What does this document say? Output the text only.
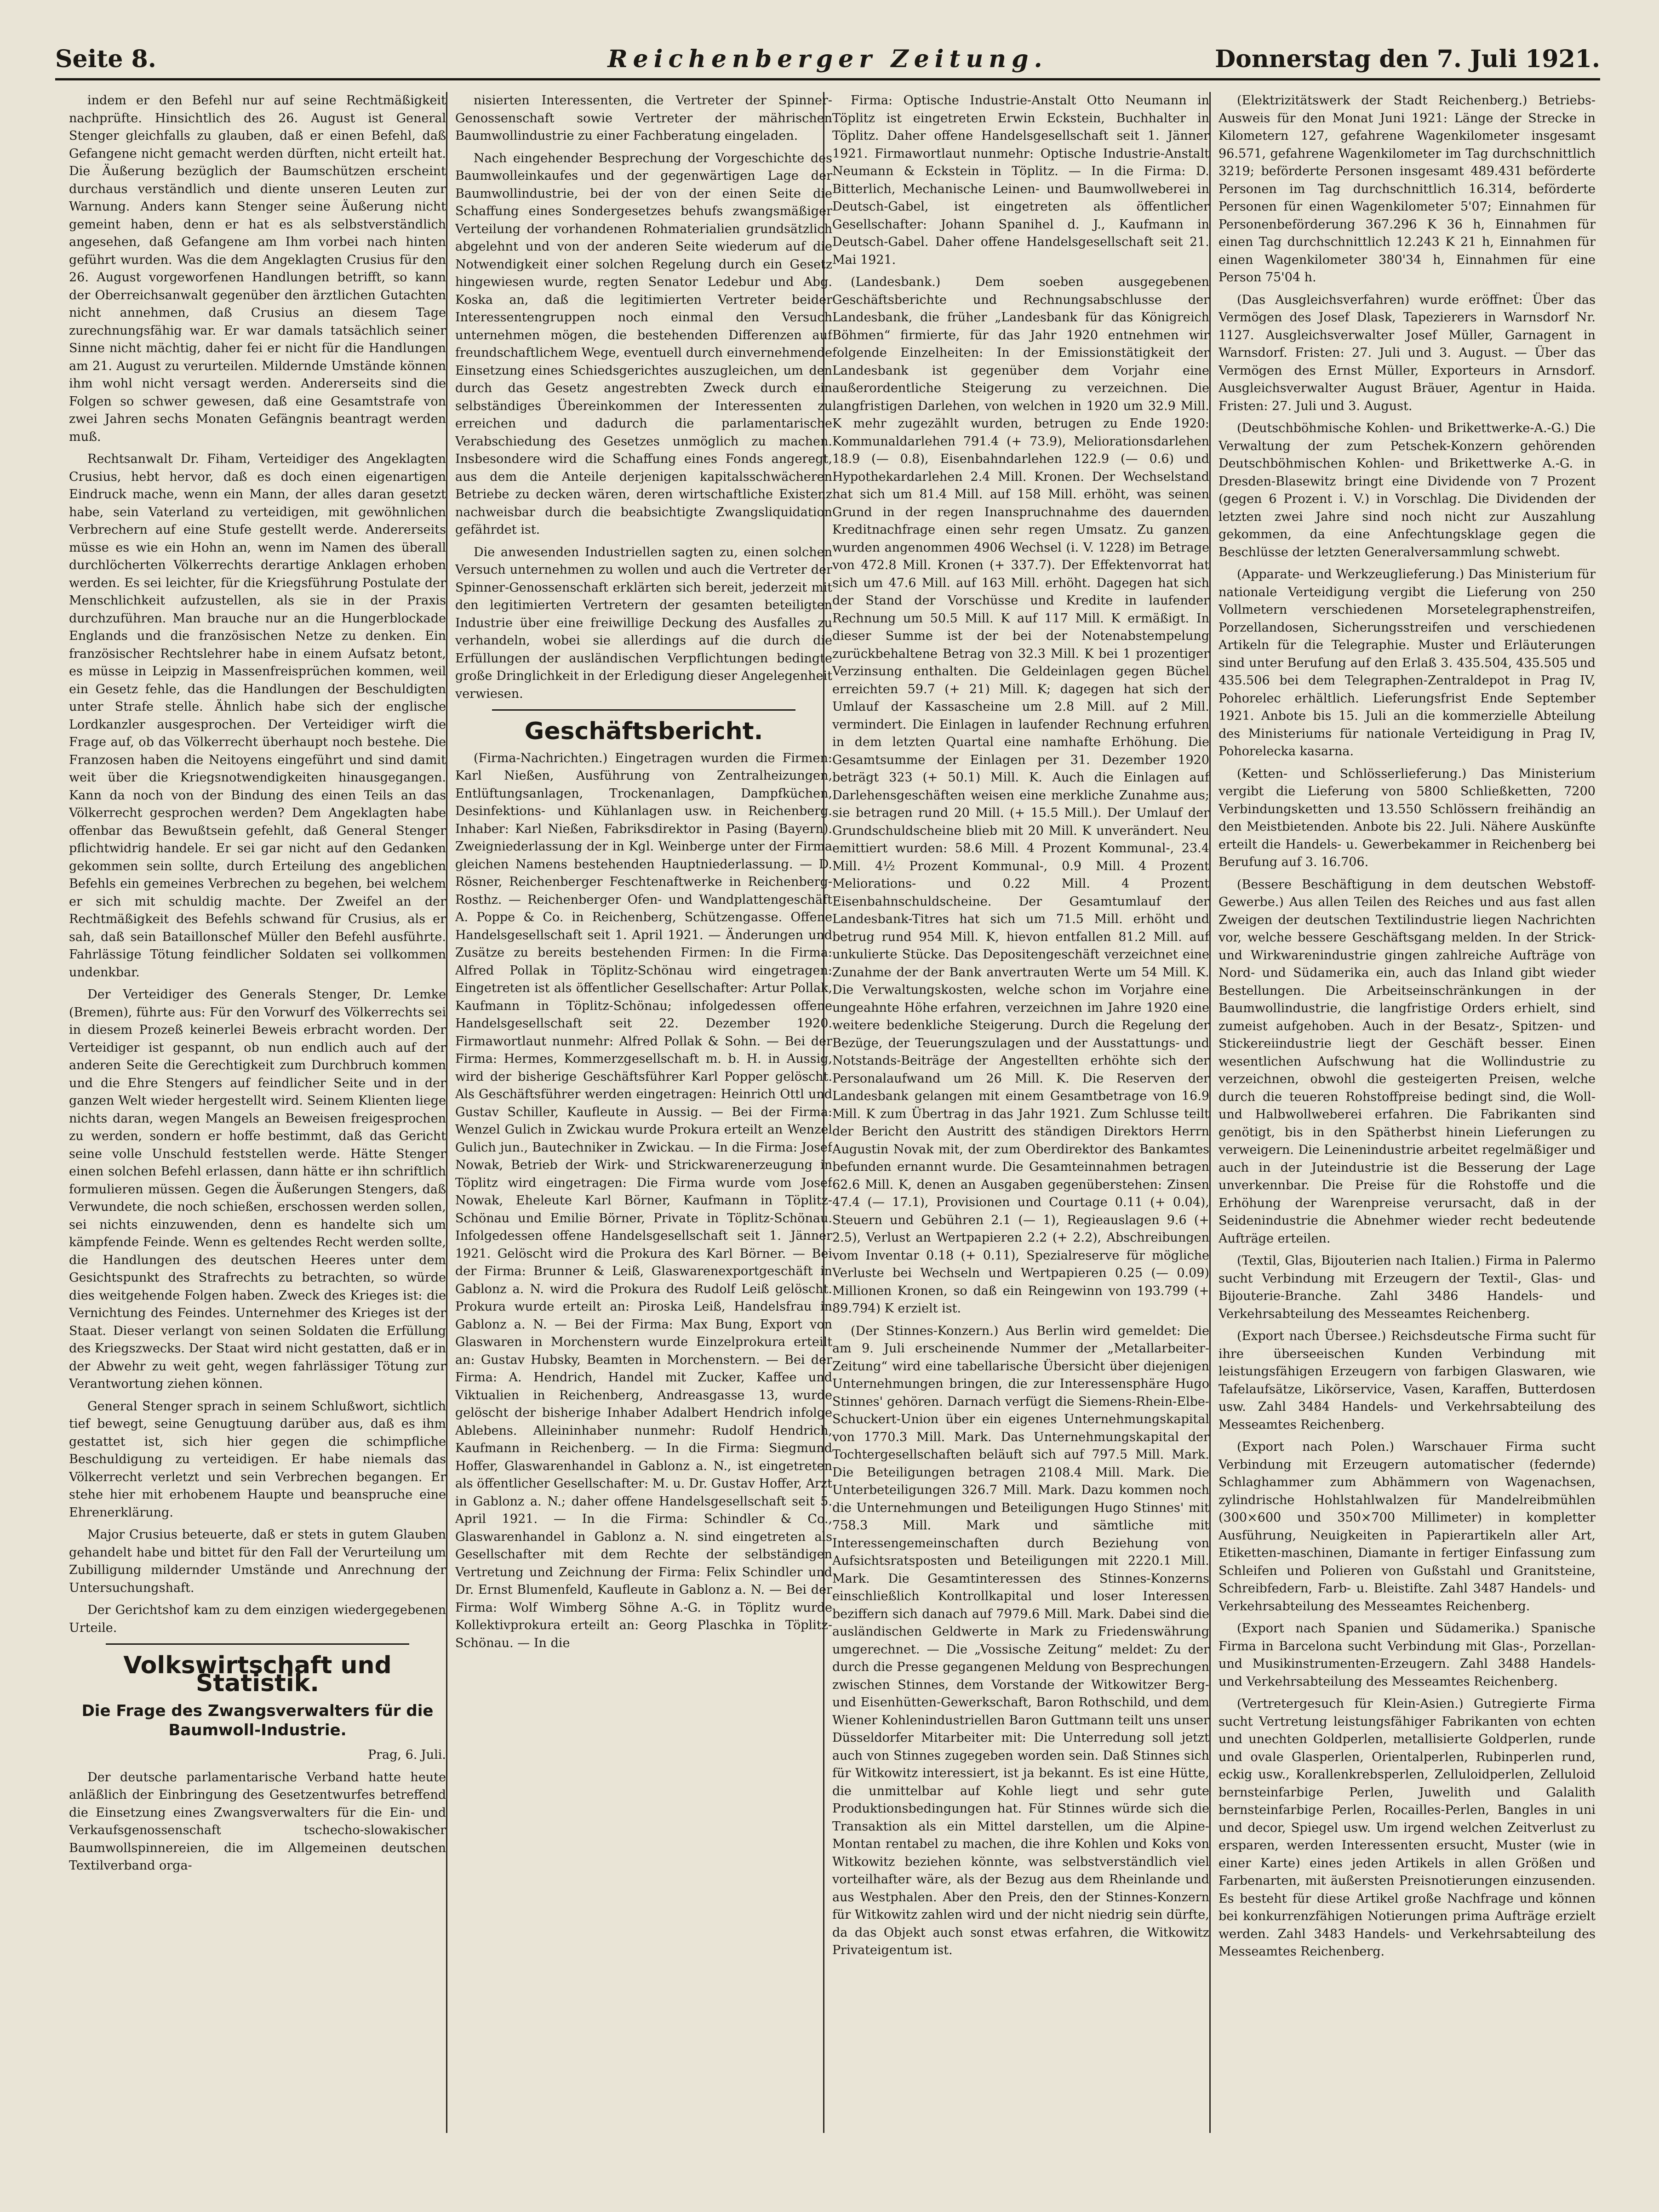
Reichenberger Zeitung.
Seite 8.	Donnerstag den 7. Juli 1921.

indem er den Befehl nur auf seine Rechtmäßigkeit nachprüfte. Hinsichtlich des 26. August ist General Stenger gleichfalls zu glauben, daß er einen Befehl, daß Gefangene nicht gemacht werden dürften, nicht erteilt hat. Die Äußerung bezüglich der Baumschützen erscheint durchaus verständlich und diente unseren Leuten zur Warnung. Anders kann Stenger seine Äußerung nicht gemeint haben, denn er hat es als selbstverständlich angesehen, daß Gefangene am Ihm vorbei nach hinten geführt wurden. Was die dem Angeklagten Crusius für den 26. August vorgeworfenen Handlungen betrifft, so kann der Oberreichsanwalt gegenüber den ärztlichen Gutachten nicht annehmen, daß Crusius an diesem Tage zurechnungsfähig war. Er war damals tatsächlich seiner Sinne nicht mächtig, daher fei er nicht für die Handlungen am 21. August zu verurteilen. Mildernde Umstände können ihm wohl nicht versagt werden. Andererseits sind die Folgen so schwer gewesen, daß eine Gesamtstrafe von zwei Jahren sechs Monaten Gefängnis beantragt werden muß.

Rechtsanwalt Dr. Fiham, Verteidiger des Angeklagten Crusius, hebt hervor, daß es doch einen eigenartigen Eindruck mache, wenn ein Mann, der alles daran gesetzt habe, sein Vaterland zu verteidigen, mit gewöhnlichen Verbrechern auf eine Stufe gestellt werde. Andererseits müsse es wie ein Hohn an, wenn im Namen des überall durchlöcherten Völkerrechts derartige Anklagen erhoben werden. Es sei leichter, für die Kriegsführung Postulate der Menschlichkeit aufzustellen, als sie in der Praxis durchzuführen. Man brauche nur an die Hungerblockade Englands und die französischen Netze zu denken. Ein französischer Rechtslehrer habe in einem Aufsatz betont, es müsse in Leipzig in Massenfreisprüchen kommen, weil ein Gesetz fehle, das die Handlungen der Beschuldigten unter Strafe stelle. Ähnlich habe sich der englische Lordkanzler ausgesprochen. Der Verteidiger wirft die Frage auf, ob das Völkerrecht überhaupt noch bestehe. Die Franzosen haben die Neitoyens eingeführt und sind damit weit über die Kriegsnotwendigkeiten hinausgegangen. Kann da noch von der Bindung des einen Teils an das Völkerrecht gesprochen werden? Dem Angeklagten habe offenbar das Bewußtsein gefehlt, daß General Stenger pflichtwidrig handele. Er sei gar nicht auf den Gedanken gekommen sein sollte, durch Erteilung des angeblichen Befehls ein gemeines Verbrechen zu begehen, bei welchem er sich mit schuldig machte. Der Zweifel an der Rechtmäßigkeit des Befehls schwand für Crusius, als er sah, daß sein Bataillonschef Müller den Befehl ausführte. Fahrlässige Tötung feindlicher Soldaten sei vollkommen undenkbar.

Der Verteidiger des Generals Stenger, Dr. Lemke (Bremen), führte aus: Für den Vorwurf des Völkerrechts sei in diesem Prozeß keinerlei Beweis erbracht worden. Der Verteidiger ist gespannt, ob nun endlich auch auf der anderen Seite die Gerechtigkeit zum Durchbruch kommen und die Ehre Stengers auf feindlicher Seite und in der ganzen Welt wieder hergestellt wird. Seinem Klienten liege nichts daran, wegen Mangels an Beweisen freigesprochen zu werden, sondern er hoffe bestimmt, daß das Gericht seine volle Unschuld feststellen werde. Hätte Stenger einen solchen Befehl erlassen, dann hätte er ihn schriftlich formulieren müssen. Gegen die Äußerungen Stengers, daß Verwundete, die noch schießen, erschossen werden sollen, sei nichts einzuwenden, denn es handelte sich um kämpfende Feinde. Wenn es geltendes Recht werden sollte, die Handlungen des deutschen Heeres unter dem Gesichtspunkt des Strafrechts zu betrachten, so würde dies weitgehende Folgen haben. Zweck des Krieges ist: die Vernichtung des Feindes. Unternehmer des Krieges ist der Staat. Dieser verlangt von seinen Soldaten die Erfüllung des Kriegszwecks. Der Staat wird nicht gestatten, daß er in der Abwehr zu weit geht, wegen fahrlässiger Tötung zur Verantwortung ziehen können.

General Stenger sprach in seinem Schlußwort, sichtlich tief bewegt, seine Genugtuung darüber aus, daß es ihm gestattet ist, sich hier gegen die schimpfliche Beschuldigung zu verteidigen. Er habe niemals das Völkerrecht verletzt und sein Verbrechen begangen. Er stehe hier mit erhobenem Haupte und beanspruche eine Ehrenerklärung.

Major Crusius beteuerte, daß er stets in gutem Glauben gehandelt habe und bittet für den Fall der Verurteilung um Zubilligung mildernder Umstände und Anrechnung der Untersuchungshaft.

Der Gerichtshof kam zu dem einzigen wiedergegebenen Urteile.

Volkswirtschaft und Statistik.
Die Frage des Zwangsverwalters für die Baumwoll-Industrie.

Prag, 6. Juli.

Der deutsche parlamentarische Verband hatte heute anläßlich der Einbringung des Gesetzentwurfes betreffend die Einsetzung eines Zwangsverwalters für die Ein- und Verkaufsgenossenschaft tschecho-slowakischer Baumwollspinnereien, die im Allgemeinen deutschen Textilverband orga-

nisierten Interessenten, die Vertreter der Spinner-Genossenschaft sowie Vertreter der mährischen Baumwollindustrie zu einer Fachberatung eingeladen.

Nach eingehender Besprechung der Vorgeschichte des Baumwolleinkaufes und der gegenwärtigen Lage der Baumwollindustrie, bei der von der einen Seite die Schaffung eines Sondergesetzes behufs zwangsmäßiger Verteilung der vorhandenen Rohmaterialien grundsätzlich abgelehnt und von der anderen Seite wiederum auf die Notwendigkeit einer solchen Regelung durch ein Gesetz hingewiesen wurde, regten Senator Ledebur und Abg. Koska an, daß die legitimierten Vertreter beider Interessentengruppen noch einmal den Versuch unternehmen mögen, die bestehenden Differenzen auf freundschaftlichem Wege, eventuell durch einvernehmende Einsetzung eines Schiedsgerichtes auszugleichen, um den durch das Gesetz angestrebten Zweck durch ein selbständiges Übereinkommen der Interessenten zu erreichen und dadurch die parlamentarische Verabschiedung des Gesetzes unmöglich zu machen. Insbesondere wird die Schaffung eines Fonds angeregt, aus dem die Anteile derjenigen kapitalsschwächeren Betriebe zu decken wären, deren wirtschaftliche Existenz nachweisbar durch die beabsichtigte Zwangsliquidation gefährdet ist.

Die anwesenden Industriellen sagten zu, einen solchen Versuch unternehmen zu wollen und auch die Vertreter der Spinner-Genossenschaft erklärten sich bereit, jederzeit mit den legitimierten Vertretern der gesamten beteiligten Industrie über eine freiwillige Deckung des Ausfalles zu verhandeln, wobei sie allerdings auf die durch die Erfüllungen der ausländischen Verpflichtungen bedingte große Dringlichkeit in der Erledigung dieser Angelegenheit verwiesen.

Geschäftsbericht.

(Firma-Nachrichten.) Eingetragen wurden die Firmen: Karl Nießen, Ausführung von Zentralheizungen, Entlüftungsanlagen, Trockenanlagen, Dampfküchen, Desinfektions- und Kühlanlagen usw. in Reichenberg. Inhaber: Karl Nießen, Fabriksdirektor in Pasing (Bayern). Zweigniederlassung der in Kgl. Weinberge unter der Firma gleichen Namens bestehenden Hauptniederlassung. — D. Rösner, Reichenberger Feschtenaftwerke in Reichenberg-Rosthz. — Reichenberger Ofen- und Wandplattengeschäft A. Poppe & Co. in Reichenberg, Schützengasse. Offene Handelsgesellschaft seit 1. April 1921. — Änderungen und Zusätze zu bereits bestehenden Firmen: In die Firma: Alfred Pollak in Töplitz-Schönau wird eingetragen: Eingetreten ist als öffentlicher Gesellschafter: Artur Pollak, Kaufmann in Töplitz-Schönau; infolgedessen offene Handelsgesellschaft seit 22. Dezember 1920. Firmawortlaut nunmehr: Alfred Pollak & Sohn. — Bei der Firma: Hermes, Kommerzgesellschaft m. b. H. in Aussig, wird der bisherige Geschäftsführer Karl Popper gelöscht. Als Geschäftsführer werden eingetragen: Heinrich Ottl und Gustav Schiller, Kaufleute in Aussig. — Bei der Firma: Wenzel Gulich in Zwickau wurde Prokura erteilt an Wenzel Gulich jun., Bautechniker in Zwickau. — In die Firma: Josef Nowak, Betrieb der Wirk- und Strickwarenerzeugung in Töplitz wird eingetragen: Die Firma wurde vom Josef Nowak, Eheleute Karl Börner, Kaufmann in Töplitz-Schönau und Emilie Börner, Private in Töplitz-Schönau. Infolgedessen offene Handelsgesellschaft seit 1. Jänner 1921. Gelöscht wird die Prokura des Karl Börner. — Bei der Firma: Brunner & Leiß, Glaswarenexportgeschäft in Gablonz a. N. wird die Prokura des Rudolf Leiß gelöscht. Prokura wurde erteilt an: Piroska Leiß, Handelsfrau in Gablonz a. N. — Bei der Firma: Max Bung, Export von Glaswaren in Morchenstern wurde Einzelprokura erteilt an: Gustav Hubsky, Beamten in Morchenstern. — Bei der Firma: A. Hendrich, Handel mit Zucker, Kaffee und Viktualien in Reichenberg, Andreasgasse 13, wurde gelöscht der bisherige Inhaber Adalbert Hendrich infolge Ablebens. Alleininhaber nunmehr: Rudolf Hendrich, Kaufmann in Reichenberg. — In die Firma: Siegmund Hoffer, Glaswarenhandel in Gablonz a. N., ist eingetreten als öffentlicher Gesellschafter: M. u. Dr. Gustav Hoffer, Arzt in Gablonz a. N.; daher offene Handelsgesellschaft seit 5. April 1921. — In die Firma: Schindler & Co., Glaswarenhandel in Gablonz a. N. sind eingetreten als Gesellschafter mit dem Rechte der selbständigen Vertretung und Zeichnung der Firma: Felix Schindler und Dr. Ernst Blumenfeld, Kaufleute in Gablonz a. N. — Bei der Firma: Wolf Wimberg Söhne A.-G. in Töplitz wurde Kollektivprokura erteilt an: Georg Plaschka in Töplitz-Schönau. — In die

Firma: Optische Industrie-Anstalt Otto Neumann in Töplitz ist eingetreten Erwin Eckstein, Buchhalter in Töplitz. Daher offene Handelsgesellschaft seit 1. Jänner 1921. Firmawortlaut nunmehr: Optische Industrie-Anstalt Neumann & Eckstein in Töplitz. — In die Firma: D. Bitterlich, Mechanische Leinen- und Baumwollweberei in Deutsch-Gabel, ist eingetreten als öffentlicher Gesellschafter: Johann Spanihel d. J., Kaufmann in Deutsch-Gabel. Daher offene Handelsgesellschaft seit 21. Mai 1921.

(Landesbank.) Dem soeben ausgegebenen Geschäftsberichte und Rechnungsabschlusse der Landesbank, die früher „Landesbank für das Königreich Böhmen“ firmierte, für das Jahr 1920 entnehmen wir folgende Einzelheiten: In der Emissionstätigkeit der Landesbank ist gegenüber dem Vorjahr eine außerordentliche Steigerung zu verzeichnen. Die langfristigen Darlehen, von welchen in 1920 um 32.9 Mill. K mehr zugezählt wurden, betrugen zu Ende 1920: Kommunaldarlehen 791.4 (+ 73.9), Meliorationsdarlehen 18.9 (— 0.8), Eisenbahndarlehen 122.9 (— 0.6) und Hypothekardarlehen 2.4 Mill. Kronen. Der Wechselstand hat sich um 81.4 Mill. auf 158 Mill. erhöht, was seinen Grund in der regen Inanspruchnahme des dauernden Kreditnachfrage einen sehr regen Umsatz. Zu ganzen wurden angenommen 4906 Wechsel (i. V. 1228) im Betrage von 472.8 Mill. Kronen (+ 337.7). Der Effektenvorrat hat sich um 47.6 Mill. auf 163 Mill. erhöht. Dagegen hat sich der Stand der Vorschüsse und Kredite in laufender Rechnung um 50.5 Mill. K auf 117 Mill. K ermäßigt. In dieser Summe ist der bei der Notenabstempelung zurückbehaltene Betrag von 32.3 Mill. K bei 1 prozentiger Verzinsung enthalten. Die Geldeinlagen gegen Büchel erreichten 59.7 (+ 21) Mill. K; dagegen hat sich der Umlauf der Kassascheine um 2.8 Mill. auf 2 Mill. vermindert. Die Einlagen in laufender Rechnung erfuhren in dem letzten Quartal eine namhafte Erhöhung. Die Gesamtsumme der Einlagen per 31. Dezember 1920 beträgt 323 (+ 50.1) Mill. K. Auch die Einlagen auf Darlehensgeschäften weisen eine merkliche Zunahme aus; sie betragen rund 20 Mill. (+ 15.5 Mill.). Der Umlauf der Grundschuldscheine blieb mit 20 Mill. K unverändert. Neu emittiert wurden: 58.6 Mill. 4 Prozent Kommunal-, 23.4 Mill. 4½ Prozent Kommunal-, 0.9 Mill. 4 Prozent Meliorations- und 0.22 Mill. 4 Prozent Eisenbahnschuldscheine. Der Gesamtumlauf der Landesbank-Titres hat sich um 71.5 Mill. erhöht und betrug rund 954 Mill. K, hievon entfallen 81.2 Mill. auf unkulierte Stücke. Das Depositengeschäft verzeichnet eine Zunahme der der Bank anvertrauten Werte um 54 Mill. K. Die Verwaltungskosten, welche schon im Vorjahre eine ungeahnte Höhe erfahren, verzeichnen im Jahre 1920 eine weitere bedenkliche Steigerung. Durch die Regelung der Bezüge, der Teuerungszulagen und der Ausstattungs- und Notstands-Beiträge der Angestellten erhöhte sich der Personalaufwand um 26 Mill. K. Die Reserven der Landesbank gelangen mit einem Gesamtbetrage von 16.9 Mill. K zum Übertrag in das Jahr 1921. Zum Schlusse teilt der Bericht den Austritt des ständigen Direktors Herrn Augustin Novak mit, der zum Oberdirektor des Bankamtes befunden ernannt wurde. Die Gesamteinnahmen betragen 62.6 Mill. K, denen an Ausgaben gegenüberstehen: Zinsen 47.4 (— 17.1), Provisionen und Courtage 0.11 (+ 0.04), Steuern und Gebühren 2.1 (— 1), Regieauslagen 9.6 (+ 2.5), Verlust an Wertpapieren 2.2 (+ 2.2), Abschreibungen vom Inventar 0.18 (+ 0.11), Spezialreserve für mögliche Verluste bei Wechseln und Wertpapieren 0.25 (— 0.09) Millionen Kronen, so daß ein Reingewinn von 193.799 (+ 89.794) K erzielt ist.

(Der Stinnes-Konzern.) Aus Berlin wird gemeldet: Die am 9. Juli erscheinende Nummer der „Metallarbeiter-Zeitung“ wird eine tabellarische Übersicht über diejenigen Unternehmungen bringen, die zur Interessensphäre Hugo Stinnes' gehören. Darnach verfügt die Siemens-Rhein-Elbe-Schuckert-Union über ein eigenes Unternehmungskapital von 1770.3 Mill. Mark. Das Unternehmungskapital der Tochtergesellschaften beläuft sich auf 797.5 Mill. Mark. Die Beteiligungen betragen 2108.4 Mill. Mark. Die Unterbeteiligungen 326.7 Mill. Mark. Dazu kommen noch die Unternehmungen und Beteiligungen Hugo Stinnes' mit 758.3 Mill. Mark und sämtliche mit Interessengemeinschaften durch Beziehung von Aufsichtsratsposten und Beteiligungen mit 2220.1 Mill. Mark. Die Gesamtinteressen des Stinnes-Konzerns einschließlich Kontrollkapital und loser Interessen beziffern sich danach auf 7979.6 Mill. Mark. Dabei sind die ausländischen Geldwerte in Mark zu Friedenswährung umgerechnet. — Die „Vossische Zeitung“ meldet: Zu der durch die Presse gegangenen Meldung von Besprechungen zwischen Stinnes, dem Vorstande der Witkowitzer Berg- und Eisenhütten-Gewerkschaft, Baron Rothschild, und dem Wiener Kohlenindustriellen Baron Guttmann teilt uns unser Düsseldorfer Mitarbeiter mit: Die Unterredung soll jetzt auch von Stinnes zugegeben worden sein. Daß Stinnes sich für Witkowitz interessiert, ist ja bekannt. Es ist eine Hütte, die unmittelbar auf Kohle liegt und sehr gute Produktionsbedingungen hat. Für Stinnes würde sich die Transaktion als ein Mittel darstellen, um die Alpine-Montan rentabel zu machen, die ihre Kohlen und Koks von Witkowitz beziehen könnte, was selbstverständlich viel vorteilhafter wäre, als der Bezug aus dem Rheinlande und aus Westphalen. Aber den Preis, den der Stinnes-Konzern für Witkowitz zahlen wird und der nicht niedrig sein dürfte, da das Objekt auch sonst etwas erfahren, die Witkowitz Privateigentum ist.

(Elektrizitätswerk der Stadt Reichenberg.) Betriebs-Ausweis für den Monat Juni 1921: Länge der Strecke in Kilometern 127, gefahrene Wagenkilometer insgesamt 96.571, gefahrene Wagenkilometer im Tag durchschnittlich 3219; beförderte Personen insgesamt 489.431 beförderte Personen im Tag durchschnittlich 16.314, beförderte Personen für einen Wagenkilometer 5'07; Einnahmen für Personenbeförderung 367.296 K 36 h, Einnahmen für einen Tag durchschnittlich 12.243 K 21 h, Einnahmen für einen Wagenkilometer 380'34 h, Einnahmen für eine Person 75'04 h.

(Das Ausgleichsverfahren) wurde eröffnet: Über das Vermögen des Josef Dlask, Tapezierers in Warnsdorf Nr. 1127. Ausgleichsverwalter Josef Müller, Garnagent in Warnsdorf. Fristen: 27. Juli und 3. August. — Über das Vermögen des Ernst Müller, Exporteurs in Arnsdorf. Ausgleichsverwalter August Bräuer, Agentur in Haida. Fristen: 27. Juli und 3. August.

(Deutschböhmische Kohlen- und Brikettwerke-A.-G.) Die Verwaltung der zum Petschek-Konzern gehörenden Deutschböhmischen Kohlen- und Brikettwerke A.-G. in Dresden-Blasewitz bringt eine Dividende von 7 Prozent (gegen 6 Prozent i. V.) in Vorschlag. Die Dividenden der letzten zwei Jahre sind noch nicht zur Auszahlung gekommen, da eine Anfechtungsklage gegen die Beschlüsse der letzten Generalversammlung schwebt.

(Apparate- und Werkzeuglieferung.) Das Ministerium für nationale Verteidigung vergibt die Lieferung von 250 Vollmetern verschiedenen Morsetelegraphenstreifen, Porzellandosen, Sicherungsstreifen und verschiedenen Artikeln für die Telegraphie. Muster und Erläuterungen sind unter Berufung auf den Erlaß 3. 435.504, 435.505 und 435.506 bei dem Telegraphen-Zentraldepot in Prag IV, Pohorelec erhältlich. Lieferungsfrist Ende September 1921. Anbote bis 15. Juli an die kommerzielle Abteilung des Ministeriums für nationale Verteidigung in Prag IV, Pohorelecka kasarna.

(Ketten- und Schlösserlieferung.) Das Ministerium vergibt die Lieferung von 5800 Schließketten, 7200 Verbindungsketten und 13.550 Schlössern freihändig an den Meistbietenden. Anbote bis 22. Juli. Nähere Auskünfte erteilt die Handels- u. Gewerbekammer in Reichenberg bei Berufung auf 3. 16.706.

(Bessere Beschäftigung in dem deutschen Webstoff-Gewerbe.) Aus allen Teilen des Reiches und aus fast allen Zweigen der deutschen Textilindustrie liegen Nachrichten vor, welche bessere Geschäftsgang melden. In der Strick- und Wirkwarenindustrie gingen zahlreiche Aufträge von Nord- und Südamerika ein, auch das Inland gibt wieder Bestellungen. Die Arbeitseinschränkungen in der Baumwollindustrie, die langfristige Orders erhielt, sind zumeist aufgehoben. Auch in der Besatz-, Spitzen- und Stickereiindustrie liegt der Geschäft besser. Einen wesentlichen Aufschwung hat die Wollindustrie zu verzeichnen, obwohl die gesteigerten Preisen, welche durch die teueren Rohstoffpreise bedingt sind, die Woll- und Halbwollweberei erfahren. Die Fabrikanten sind genötigt, bis in den Spätherbst hinein Lieferungen zu verweigern. Die Leinenindustrie arbeitet regelmäßiger und auch in der Juteindustrie ist die Besserung der Lage unverkennbar. Die Preise für die Rohstoffe und die Erhöhung der Warenpreise verursacht, daß in der Seidenindustrie die Abnehmer wieder recht bedeutende Aufträge erteilen.

(Textil, Glas, Bijouterien nach Italien.) Firma in Palermo sucht Verbindung mit Erzeugern der Textil-, Glas- und Bijouterie-Branche. Zahl 3486 Handels- und Verkehrsabteilung des Messeamtes Reichenberg.

(Export nach Übersee.) Reichsdeutsche Firma sucht für ihre überseeischen Kunden Verbindung mit leistungsfähigen Erzeugern von farbigen Glaswaren, wie Tafelaufsätze, Likörservice, Vasen, Karaffen, Butterdosen usw. Zahl 3484 Handels- und Verkehrsabteilung des Messeamtes Reichenberg.

(Export nach Polen.) Warschauer Firma sucht Verbindung mit Erzeugern automatischer (federnde) Schlaghammer zum Abhämmern von Wagenachsen, zylindrische Hohlstahlwalzen für Mandelreibmühlen (300×600 und 350×700 Millimeter) in kompletter Ausführung, Neuigkeiten in Papierartikeln aller Art, Etiketten-maschinen, Diamante in fertiger Einfassung zum Schleifen und Polieren von Gußstahl und Granitsteine, Schreibfedern, Farb- u. Bleistifte. Zahl 3487 Handels- und Verkehrsabteilung des Messeamtes Reichenberg.

(Export nach Spanien und Südamerika.) Spanische Firma in Barcelona sucht Verbindung mit Glas-, Porzellan- und Musikinstrumenten-Erzeugern. Zahl 3488 Handels- und Verkehrsabteilung des Messeamtes Reichenberg.

(Vertretergesuch für Klein-Asien.) Gutregierte Firma sucht Vertretung leistungsfähiger Fabrikanten von echten und unechten Goldperlen, metallisierte Goldperlen, runde und ovale Glasperlen, Orientalperlen, Rubinperlen rund, eckig usw., Korallenkrebsperlen, Zelluloidperlen, Zelluloid bernsteinfarbige Perlen, Juwelith und Galalith bernsteinfarbige Perlen, Rocailles-Perlen, Bangles in uni und decor, Spiegel usw. Um irgend welchen Zeitverlust zu ersparen, werden Interessenten ersucht, Muster (wie in einer Karte) eines jeden Artikels in allen Größen und Farbenarten, mit äußersten Preisnotierungen einzusenden. Es besteht für diese Artikel große Nachfrage und können bei konkurrenzfähigen Notierungen prima Aufträge erzielt werden. Zahl 3483 Handels- und Verkehrsabteilung des Messeamtes Reichenberg.
